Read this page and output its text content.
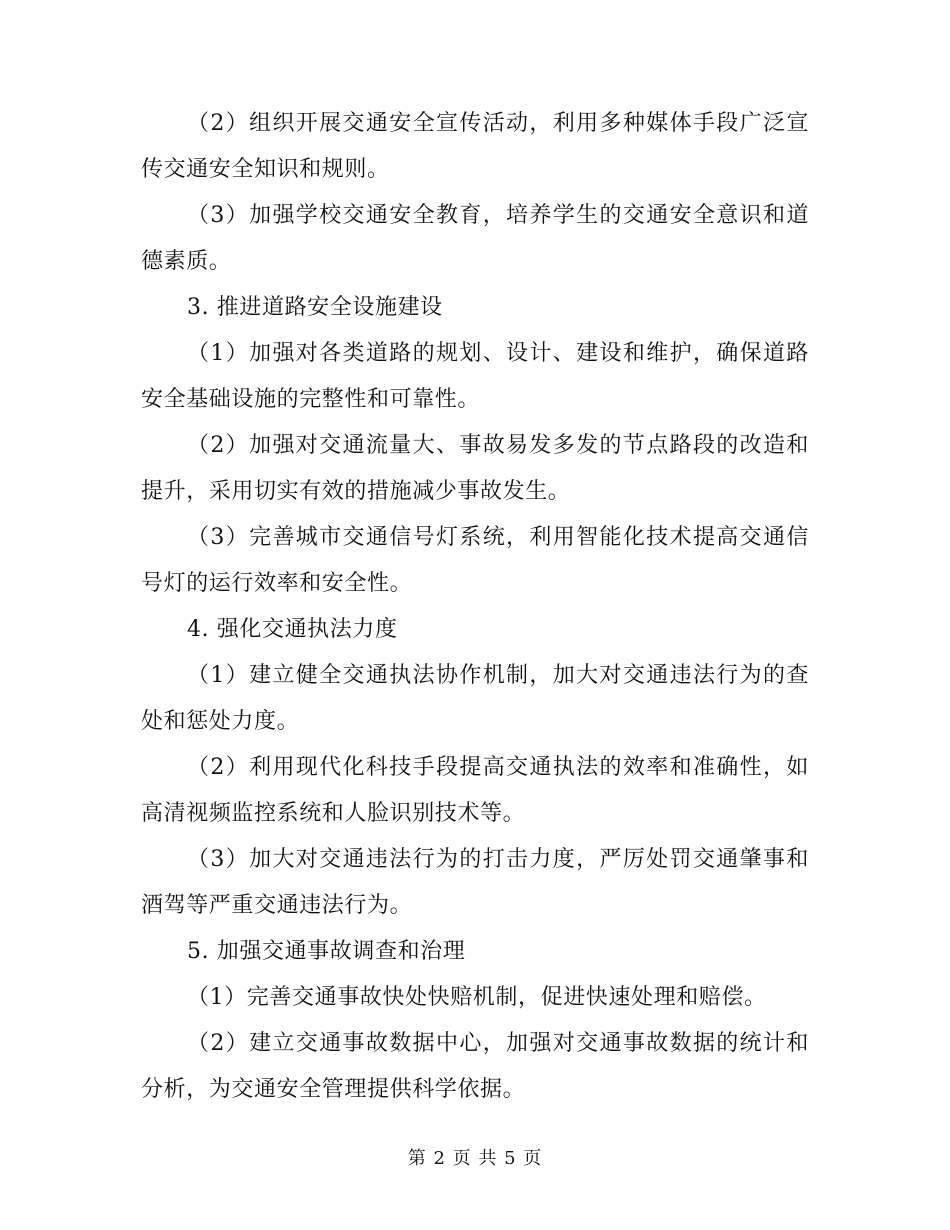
（2）组织开展交通安全宣传活动，利用多种媒体手段广泛宣传交通安全知识和规则。

（3）加强学校交通安全教育，培养学生的交通安全意识和道德素质。

3. 推进道路安全设施建设

（1）加强对各类道路的规划、设计、建设和维护，确保道路安全基础设施的完整性和可靠性。

（2）加强对交通流量大、事故易发多发的节点路段的改造和提升，采用切实有效的措施减少事故发生。

（3）完善城市交通信号灯系统，利用智能化技术提高交通信号灯的运行效率和安全性。

4. 强化交通执法力度

（1）建立健全交通执法协作机制，加大对交通违法行为的查处和惩处力度。

（2）利用现代化科技手段提高交通执法的效率和准确性，如高清视频监控系统和人脸识别技术等。

（3）加大对交通违法行为的打击力度，严厉处罚交通肇事和酒驾等严重交通违法行为。

5. 加强交通事故调查和治理

（1）完善交通事故快处快赔机制，促进快速处理和赔偿。

（2）建立交通事故数据中心，加强对交通事故数据的统计和分析，为交通安全管理提供科学依据。

第 2 页 共 5 页
